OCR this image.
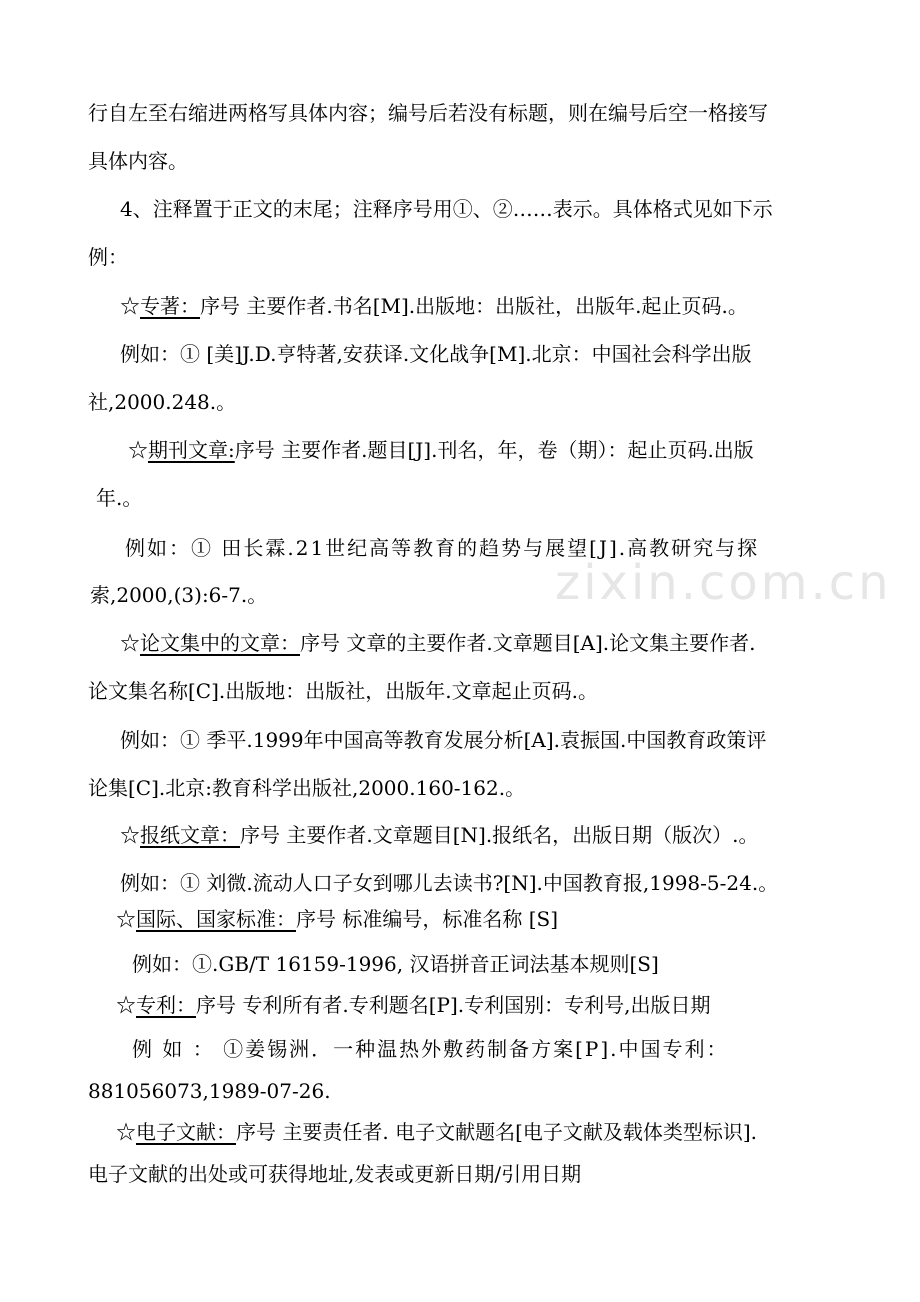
zixin.com.cn
行自左至右缩进两格写具体内容；编号后若没有标题，则在编号后空一格接写
具体内容。
4、注释置于正文的末尾；注释序号用①、②……表示。具体格式见如下示
例：
☆专著：序号 主要作者.书名[M].出版地：出版社，出版年.起止页码.。
例如：① [美]J.D.亨特著,安获译.文化战争[M].北京：中国社会科学出版
社,2000.248.。
☆期刊文章:序号 主要作者.题目[J].刊名，年，卷（期）：起止页码.出版
年.。
例如：① 田长霖.21世纪高等教育的趋势与展望[J].高教研究与探
索,2000,(3):6-7.。
☆论文集中的文章：序号 文章的主要作者.文章题目[A].论文集主要作者.
论文集名称[C].出版地：出版社，出版年.文章起止页码.。
例如：① 季平.1999年中国高等教育发展分析[A].袁振国.中国教育政策评
论集[C].北京:教育科学出版社,2000.160-162.。
☆报纸文章：序号 主要作者.文章题目[N].报纸名，出版日期（版次）.。
例如：① 刘微.流动人口子女到哪儿去读书?[N].中国教育报,1998-5-24.。
☆国际、国家标准：序号 标准编号，标准名称 [S]
例如：①.GB/T 16159-1996, 汉语拼音正词法基本规则[S]
☆专利：序号 专利所有者.专利题名[P].专利国别：专利号,出版日期
例 如 ： ①姜锡洲．一种温热外敷药制备方案[P].中国专利：
881056073,1989-07-26.
☆电子文献：序号 主要责任者. 电子文献题名[电子文献及载体类型标识].
电子文献的出处或可获得地址,发表或更新日期/引用日期
